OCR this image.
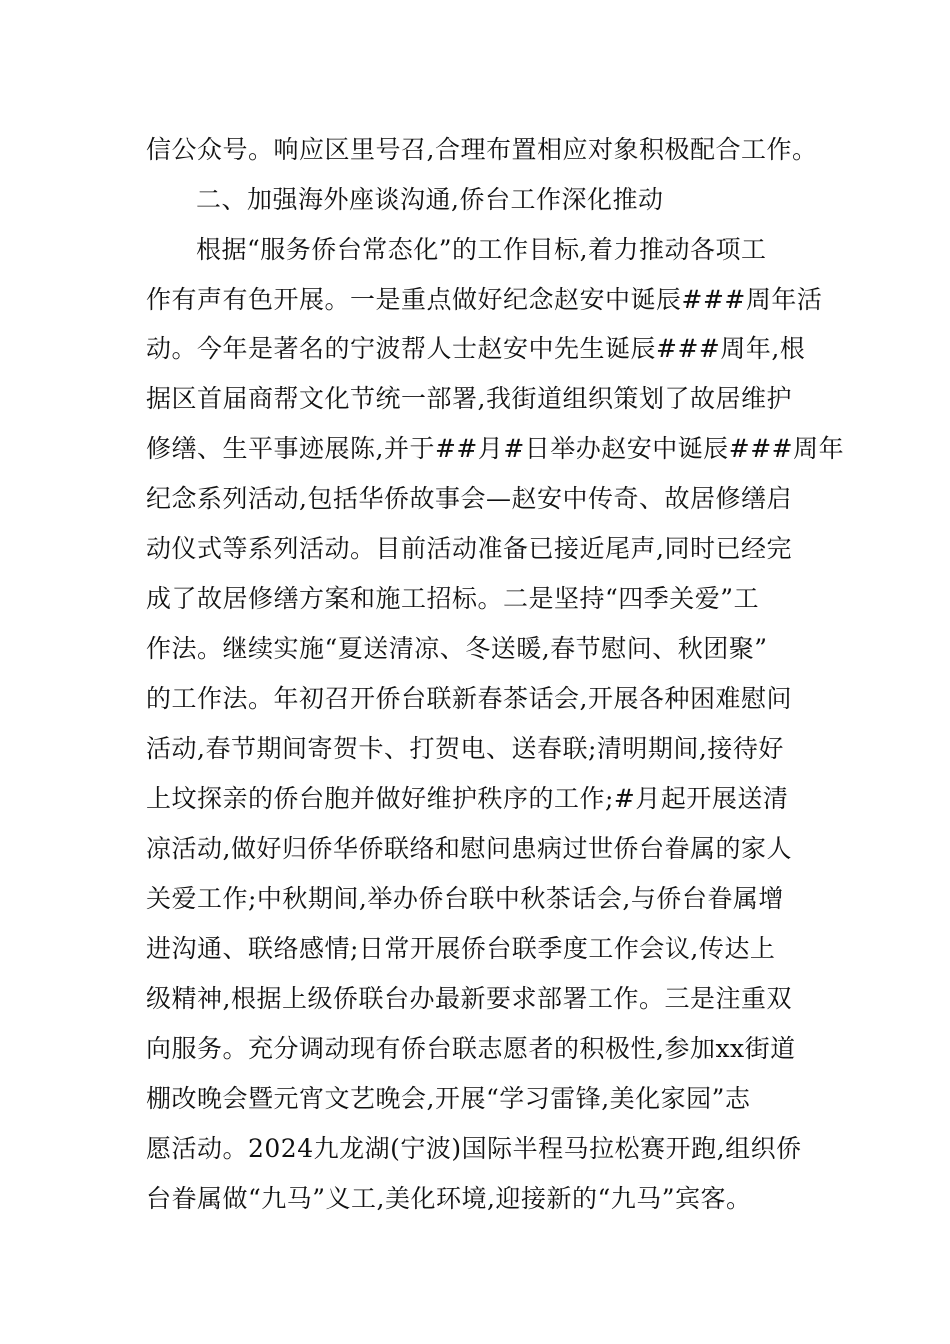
信公众号。响应区里号召,合理布置相应对象积极配合工作。

二、加强海外座谈沟通,侨台工作深化推动

根据“服务侨台常态化”的工作目标,着力推动各项工

作有声有色开展。一是重点做好纪念赵安中诞辰###周年活

动。今年是著名的宁波帮人士赵安中先生诞辰###周年,根

据区首届商帮文化节统一部署,我街道组织策划了故居维护

修缮、生平事迹展陈,并于##月#日举办赵安中诞辰###周年

纪念系列活动,包括华侨故事会—赵安中传奇、故居修缮启

动仪式等系列活动。目前活动准备已接近尾声,同时已经完

成了故居修缮方案和施工招标。二是坚持“四季关爱”工

作法。继续实施“夏送清凉、冬送暖,春节慰问、秋团聚”

的工作法。年初召开侨台联新春茶话会,开展各种困难慰问

活动,春节期间寄贺卡、打贺电、送春联;清明期间,接待好

上坟探亲的侨台胞并做好维护秩序的工作;#月起开展送清

凉活动,做好归侨华侨联络和慰问患病过世侨台眷属的家人

关爱工作;中秋期间,举办侨台联中秋茶话会,与侨台眷属增

进沟通、联络感情;日常开展侨台联季度工作会议,传达上

级精神,根据上级侨联台办最新要求部署工作。三是注重双

向服务。充分调动现有侨台联志愿者的积极性,参加xx街道

棚改晚会暨元宵文艺晚会,开展“学习雷锋,美化家园”志

愿活动。2024九龙湖(宁波)国际半程马拉松赛开跑,组织侨

台眷属做“九马”义工,美化环境,迎接新的“九马”宾客。
